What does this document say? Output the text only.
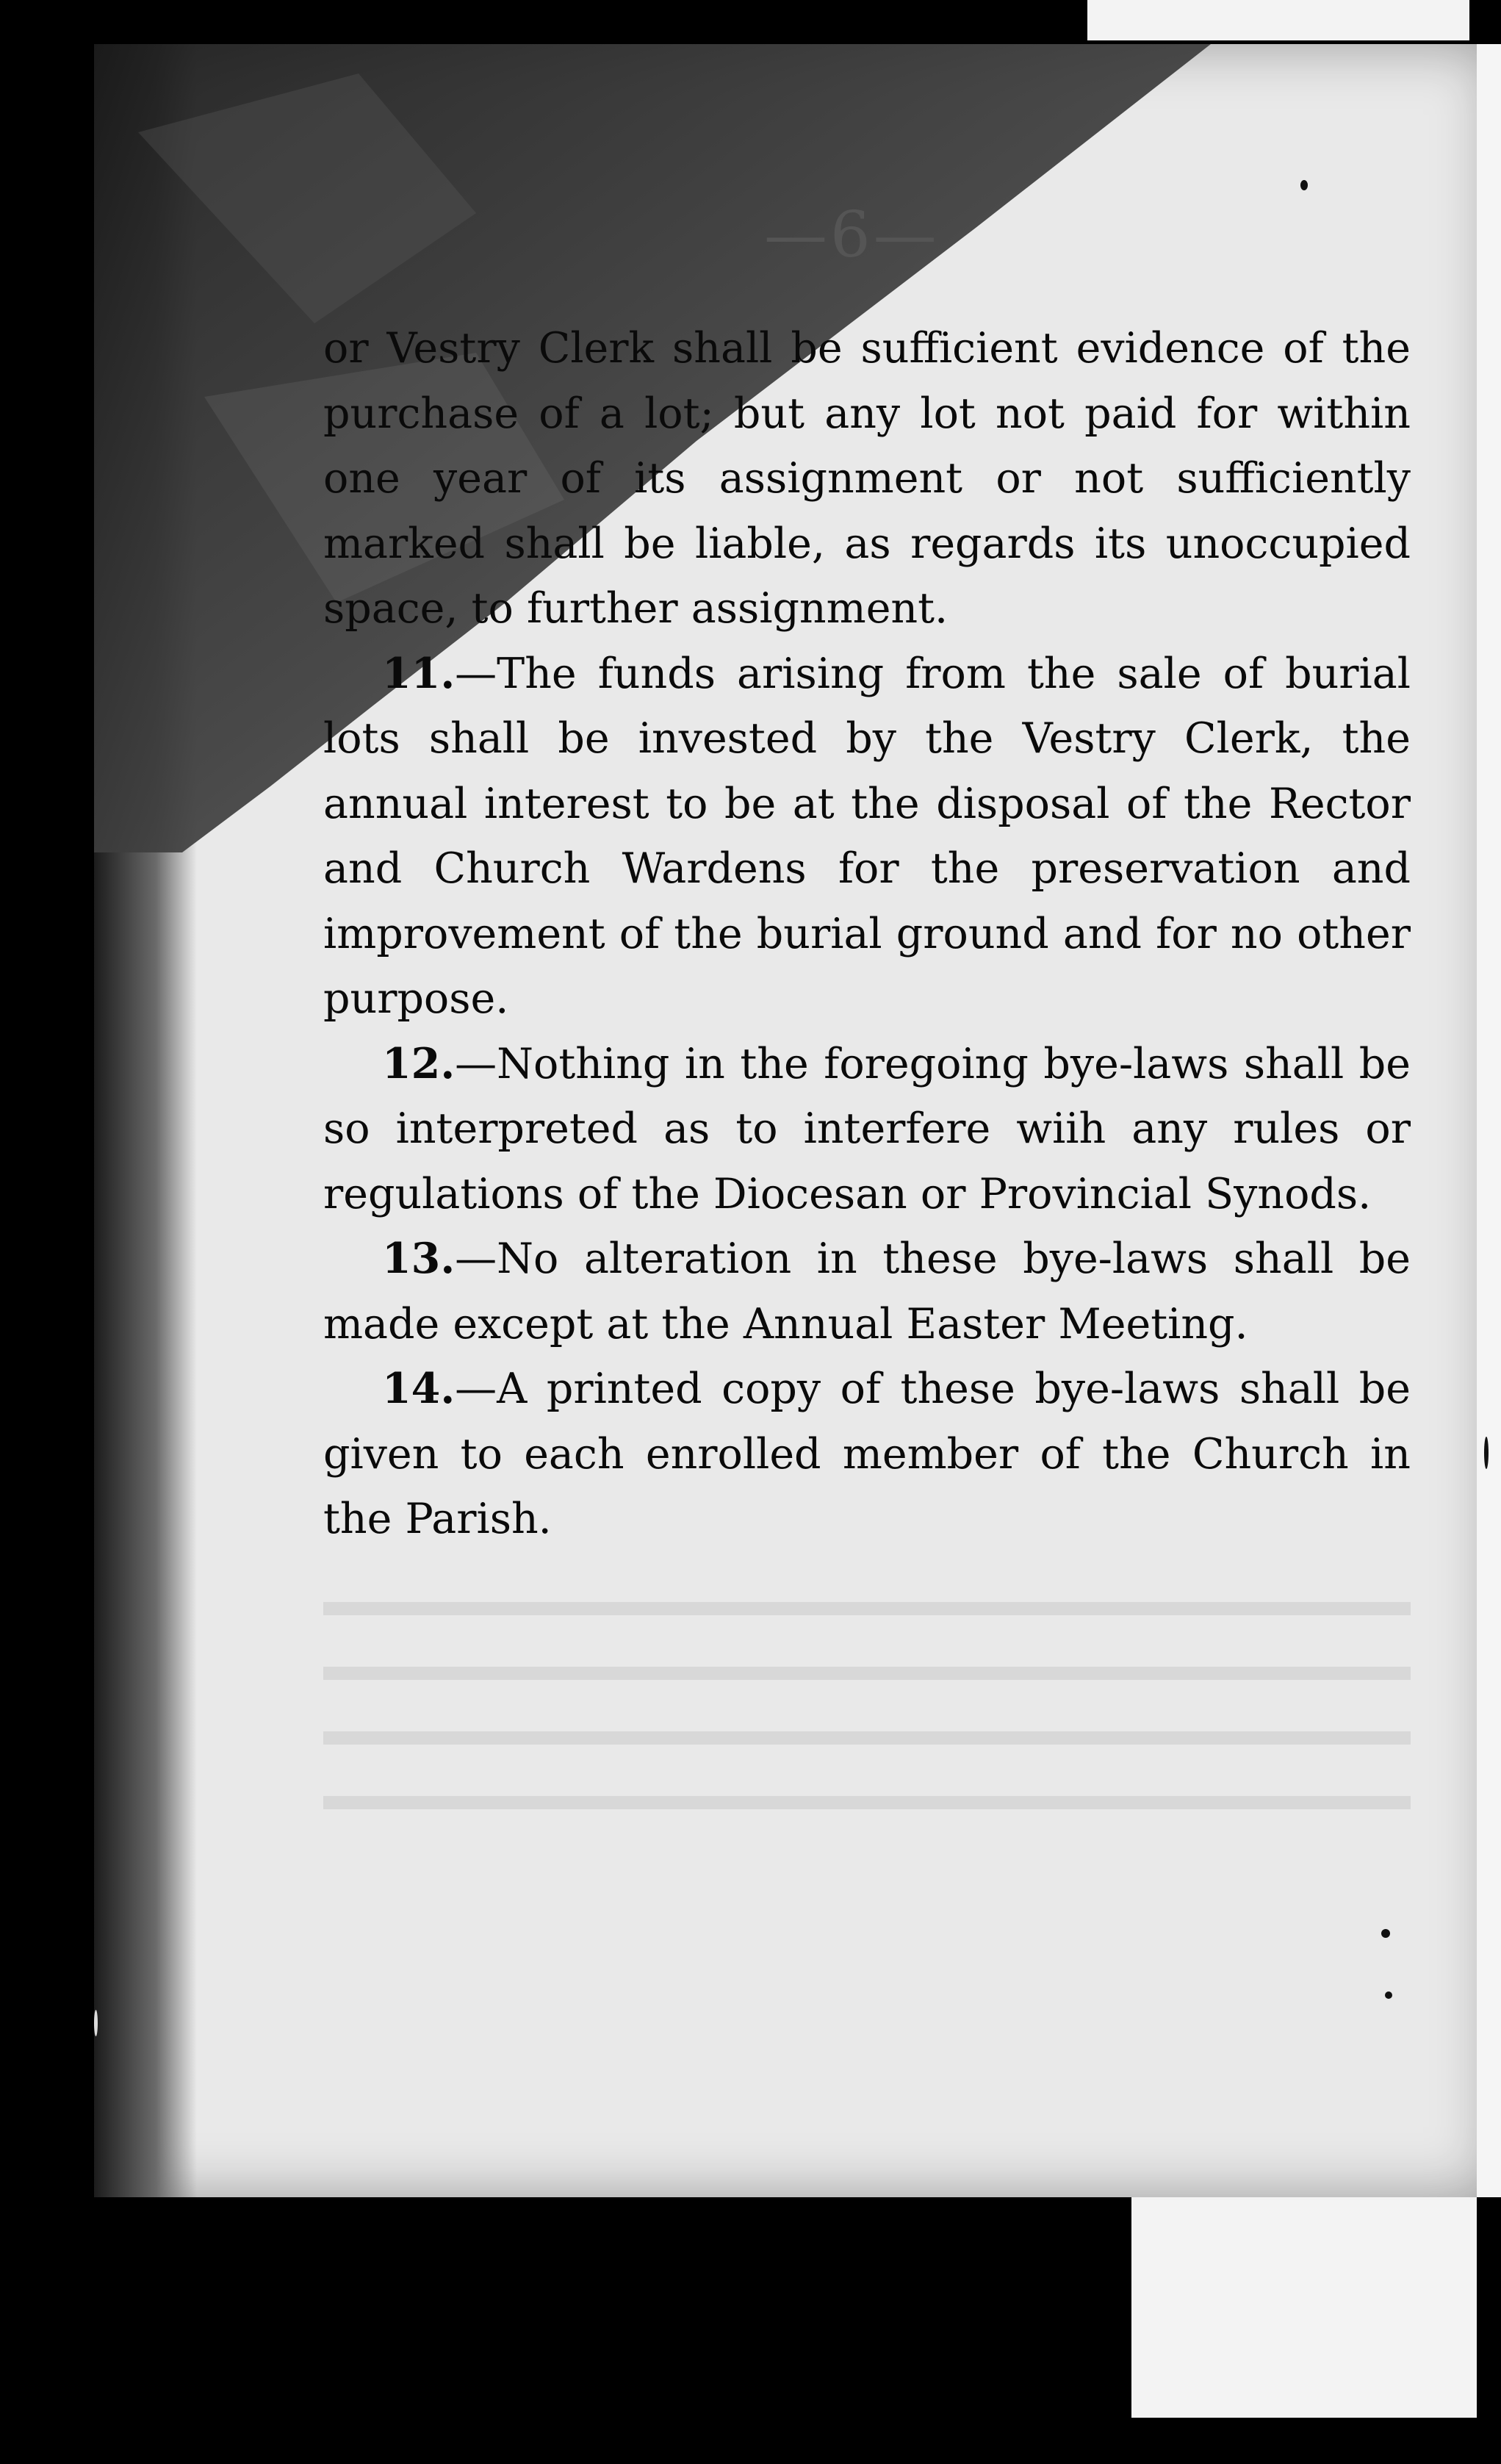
—6—

or Vestry Clerk shall be sufficient evidence of the purchase of a lot; but any lot not paid for within one year of its assignment or not sufficiently marked shall be liable, as regards its unoccupied space, to further assignment.

11.—The funds arising from the sale of burial lots shall be invested by the Vestry Clerk, the annual interest to be at the disposal of the Rector and Church Wardens for the preservation and improvement of the burial ground and for no other purpose.

12.—Nothing in the foregoing bye-laws shall be so interpreted as to interfere wiih any rules or regulations of the Diocesan or Provincial Synods.

13.—No alteration in these bye-laws shall be made except at the Annual Easter Meeting.

14.—A printed copy of these bye-laws shall be given to each enrolled member of the Church in the Parish.
